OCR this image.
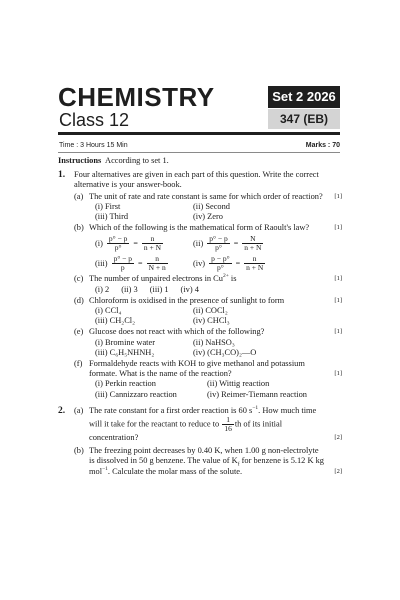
CHEMISTRY
Class 12
Set 2 2026
347 (EB)
Time : 3 Hours 15 Min	Marks : 70
Instructions According to set 1.
1. Four alternatives are given in each part of this question. Write the correct alternative is your answer-book.
(a) The unit of rate and rate constant is same for which order of reaction? [1]
(i) First	(ii) Second
(iii) Third	(iv) Zero
(b) Which of the following is the mathematical form of Raoult's law?	[1]
$(i) \frac{p^\circ - p}{p^\circ} = \frac{n}{n + N}$	$(ii) \frac{p^\circ - p}{p^\circ} = \frac{N}{n + N}$
$(iii) \frac{p^\circ - p}{p} = \frac{n}{N + n}$	$(iv) \frac{p - p^\circ}{p^\circ} = \frac{n}{n + N}$
(c) The number of unpaired electrons in $Cu^{2+}$ is	[1]
(i) 2 (ii) 3 (iii) 1 (iv) 4
(d) Chloroform is oxidised in the presence of sunlight to form	[1]
(i) CCl₄	(ii) COCl₂
(iii) CH₂Cl₂	(iv) CHCl₃
(e) Glucose does not react with which of the following?	[1]
(i) Bromine water	(ii) NaHSO₃
(iii) C₆H₅NHNH₂	(iv) (CH₃CO)₂—O
(f) Formaldehyde reacts with KOH to give methanol and potassium formate. What is the name of the reaction?	[1]
(i) Perkin reaction	(ii) Wittig reaction
(iii) Cannizzaro reaction	(iv) Reimer-Tiemann reaction
2. (a) The rate constant for a first order reaction is 60 $s^{-1}$. How much time will it take for the reactant to reduce to $\frac{1}{16}$ th of its initial concentration?	[2]
(b) The freezing point decreases by 0.40 K, when 1.00 g non-electrolyte is dissolved in 50 g benzene. The value of $K_f$ for benzene is 5.12 K kg mol$^{-1}$. Calculate the molar mass of the solute.	[2]
